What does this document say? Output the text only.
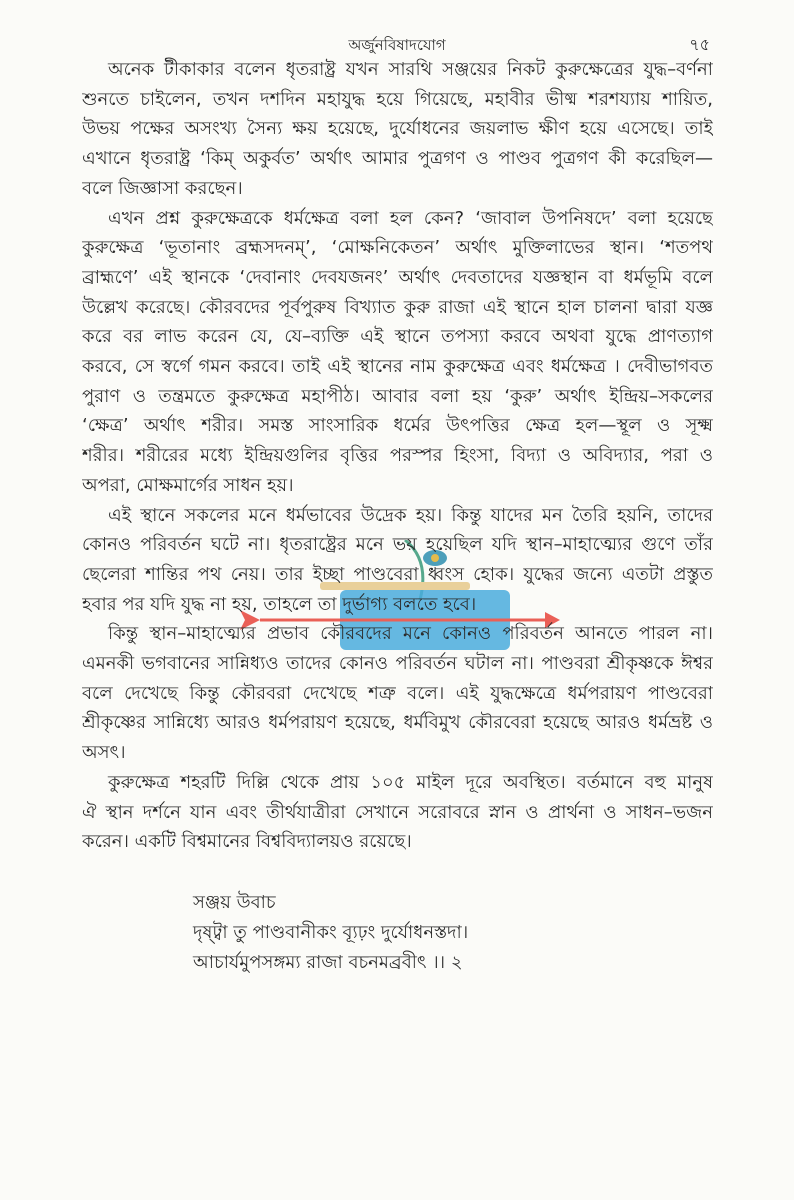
অর্জুনবিষাদযোগ	৭৫
অনেক টীকাকার বলেন ধৃতরাষ্ট্র যখন সারথি সঞ্জয়ের নিকট কুরুক্ষেত্রের যুদ্ধ–বর্ণনা
শুনতে চাইলেন, তখন দশদিন মহাযুদ্ধ হয়ে গিয়েছে, মহাবীর ভীষ্ম শরশয্যায় শায়িত,
উভয় পক্ষের অসংখ্য সৈন্য ক্ষয় হয়েছে, দুর্যোধনের জয়লাভ ক্ষীণ হয়ে এসেছে। তাই
এখানে ধৃতরাষ্ট্র ‘কিম্ অকুর্বত’ অর্থাৎ আমার পুত্রগণ ও পাণ্ডব পুত্রগণ কী করেছিল—
বলে জিজ্ঞাসা করছেন।
এখন প্রশ্ন কুরুক্ষেত্রকে ধর্মক্ষেত্র বলা হল কেন? ‘জাবাল উপনিষদে’ বলা হয়েছে
কুরুক্ষেত্র ‘ভূতানাং ব্রহ্মসদনম্’, ‘মোক্ষনিকেতন’ অর্থাৎ মুক্তিলাভের স্থান। ‘শতপথ
ব্রাহ্মণে’ এই স্থানকে ‘দেবানাং দেবযজনং’ অর্থাৎ দেবতাদের যজ্ঞস্থান বা ধর্মভূমি বলে
উল্লেখ করেছে। কৌরবদের পূর্বপুরুষ বিখ্যাত কুরু রাজা এই স্থানে হাল চালনা দ্বারা যজ্ঞ
করে বর লাভ করেন যে, যে–ব্যক্তি এই স্থানে তপস্যা করবে অথবা যুদ্ধে প্রাণত্যাগ
করবে, সে স্বর্গে গমন করবে। তাই এই স্থানের নাম কুরুক্ষেত্র এবং ধর্মক্ষেত্র । দেবীভাগবত
পুরাণ ও তন্ত্রমতে কুরুক্ষেত্র মহাপীঠ। আবার বলা হয় ‘কুরু’ অর্থাৎ ইন্দ্রিয়–সকলের
‘ক্ষেত্র’ অর্থাৎ শরীর। সমস্ত সাংসারিক ধর্মের উৎপত্তির ক্ষেত্র হল—স্থূল ও সূক্ষ্ম
শরীর। শরীরের মধ্যে ইন্দ্রিয়গুলির বৃত্তির পরস্পর হিংসা, বিদ্যা ও অবিদ্যার, পরা ও
অপরা, মোক্ষমার্গের সাধন হয়।
এই স্থানে সকলের মনে ধর্মভাবের উদ্রেক হয়। কিন্তু যাদের মন তৈরি হয়নি, তাদের
কোনও পরিবর্তন ঘটে না। ধৃতরাষ্ট্রের মনে ভয় হয়েছিল যদি স্থান–মাহাত্ম্যের গুণে তাঁর
ছেলেরা শান্তির পথ নেয়। তার ইচ্ছা পাণ্ডবেরা ধ্বংস হোক। যুদ্ধের জন্যে এতটা প্রস্তুত
হবার পর যদি যুদ্ধ না হয়, তাহলে তা দুর্ভাগ্য বলতে হবে।
কিন্তু স্থান–মাহাত্ম্যের প্রভাব কৌরবদের মনে কোনও পরিবর্তন আনতে পারল না।
এমনকী ভগবানের সান্নিধ্যও তাদের কোনও পরিবর্তন ঘটাল না। পাণ্ডবরা শ্রীকৃষ্ণকে ঈশ্বর
বলে দেখেছে কিন্তু কৌরবরা দেখেছে শত্রু বলে। এই যুদ্ধক্ষেত্রে ধর্মপরায়ণ পাণ্ডবেরা
শ্রীকৃষ্ণের সান্নিধ্যে আরও ধর্মপরায়ণ হয়েছে, ধর্মবিমুখ কৌরবেরা হয়েছে আরও ধর্মভ্রষ্ট ও
অসৎ।
কুরুক্ষেত্র শহরটি দিল্লি থেকে প্রায় ১০৫ মাইল দূরে অবস্থিত। বর্তমানে বহু মানুষ
ঐ স্থান দর্শনে যান এবং তীর্থযাত্রীরা সেখানে সরোবরে স্নান ও প্রার্থনা ও সাধন–ভজন
করেন। একটি বিশ্বমানের বিশ্ববিদ্যালয়ও রয়েছে।
সঞ্জয় উবাচ
দৃষ্ট্বা তু পাণ্ডবানীকং ব্যূঢ়ং দুর্যোধনস্তদা।
আচার্যমুপসঙ্গম্য রাজা বচনমব্রবীৎ ।। ২
